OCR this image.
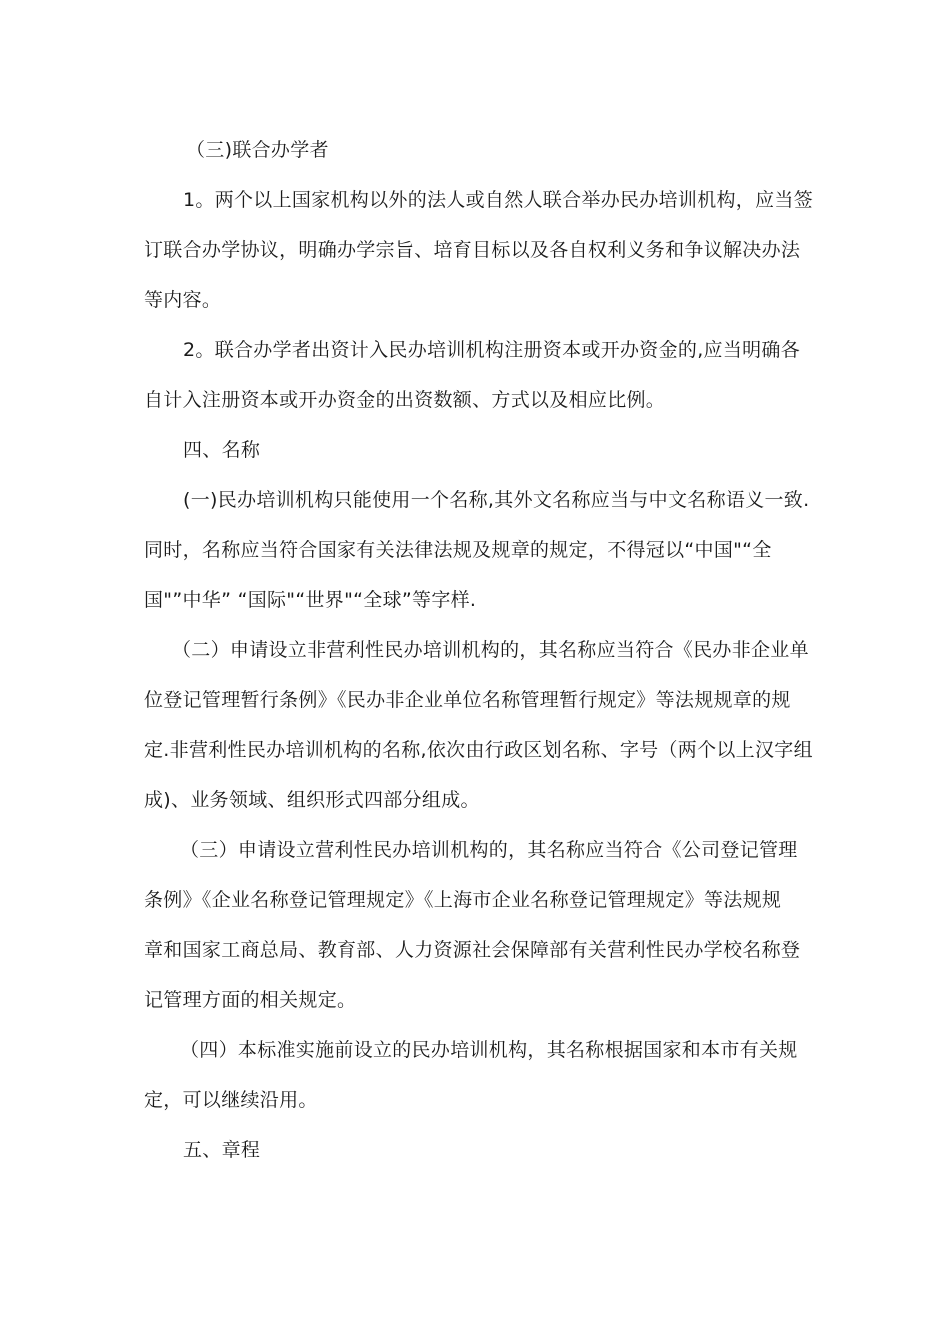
（三)联合办学者
1。两个以上国家机构以外的法人或自然人联合举办民办培训机构，应当签
订联合办学协议，明确办学宗旨、培育目标以及各自权利义务和争议解决办法
等内容。
2。联合办学者出资计入民办培训机构注册资本或开办资金的,应当明确各
自计入注册资本或开办资金的出资数额、方式以及相应比例。
四、名称
(一)民办培训机构只能使用一个名称,其外文名称应当与中文名称语义一致.
同时，名称应当符合国家有关法律法规及规章的规定，不得冠以“中国"“全
国"”中华” “国际"“世界"“全球”等字样.
（二）申请设立非营利性民办培训机构的，其名称应当符合《民办非企业单
位登记管理暂行条例》《民办非企业单位名称管理暂行规定》等法规规章的规
定.非营利性民办培训机构的名称,依次由行政区划名称、字号（两个以上汉字组
成)、业务领域、组织形式四部分组成。
（三）申请设立营利性民办培训机构的，其名称应当符合《公司登记管理
条例》《企业名称登记管理规定》《上海市企业名称登记管理规定》等法规规
章和国家工商总局、教育部、人力资源社会保障部有关营利性民办学校名称登
记管理方面的相关规定。
（四）本标准实施前设立的民办培训机构，其名称根据国家和本市有关规
定，可以继续沿用。
五、章程
